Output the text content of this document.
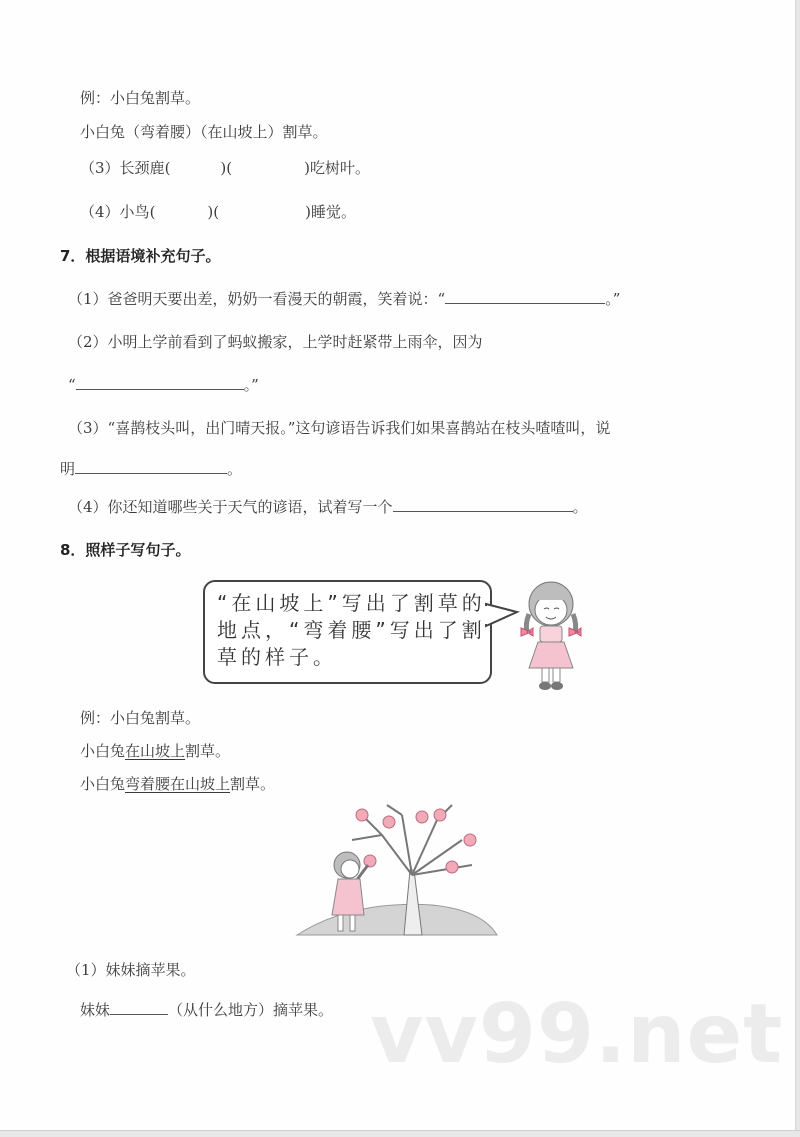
例：小白兔割草。
小白兔（弯着腰）（在山坡上）割草。
（3）长颈鹿(	)(	)吃树叶。
（4）小鸟(	)(	)睡觉。
7．根据语境补充句子。
（1）爸爸明天要出差，奶奶一看漫天的朝霞，笑着说：“	。”
（2）小明上学前看到了蚂蚁搬家，上学时赶紧带上雨伞，因为
“	。”
（3）“喜鹊枝头叫，出门晴天报。”这句谚语告诉我们如果喜鹊站在枝头喳喳叫，说
明	。
（4）你还知道哪些关于天气的谚语，试着写一个	。
8．照样子写句子。
“在山坡上”写出了割草的地点，“弯着腰”写出了割草的样子。
例：小白兔割草。
小白兔在山坡上割草。
小白兔弯着腰在山坡上割草。
（1）妹妹摘苹果。
妹妹	（从什么地方）摘苹果。 vv99.net
